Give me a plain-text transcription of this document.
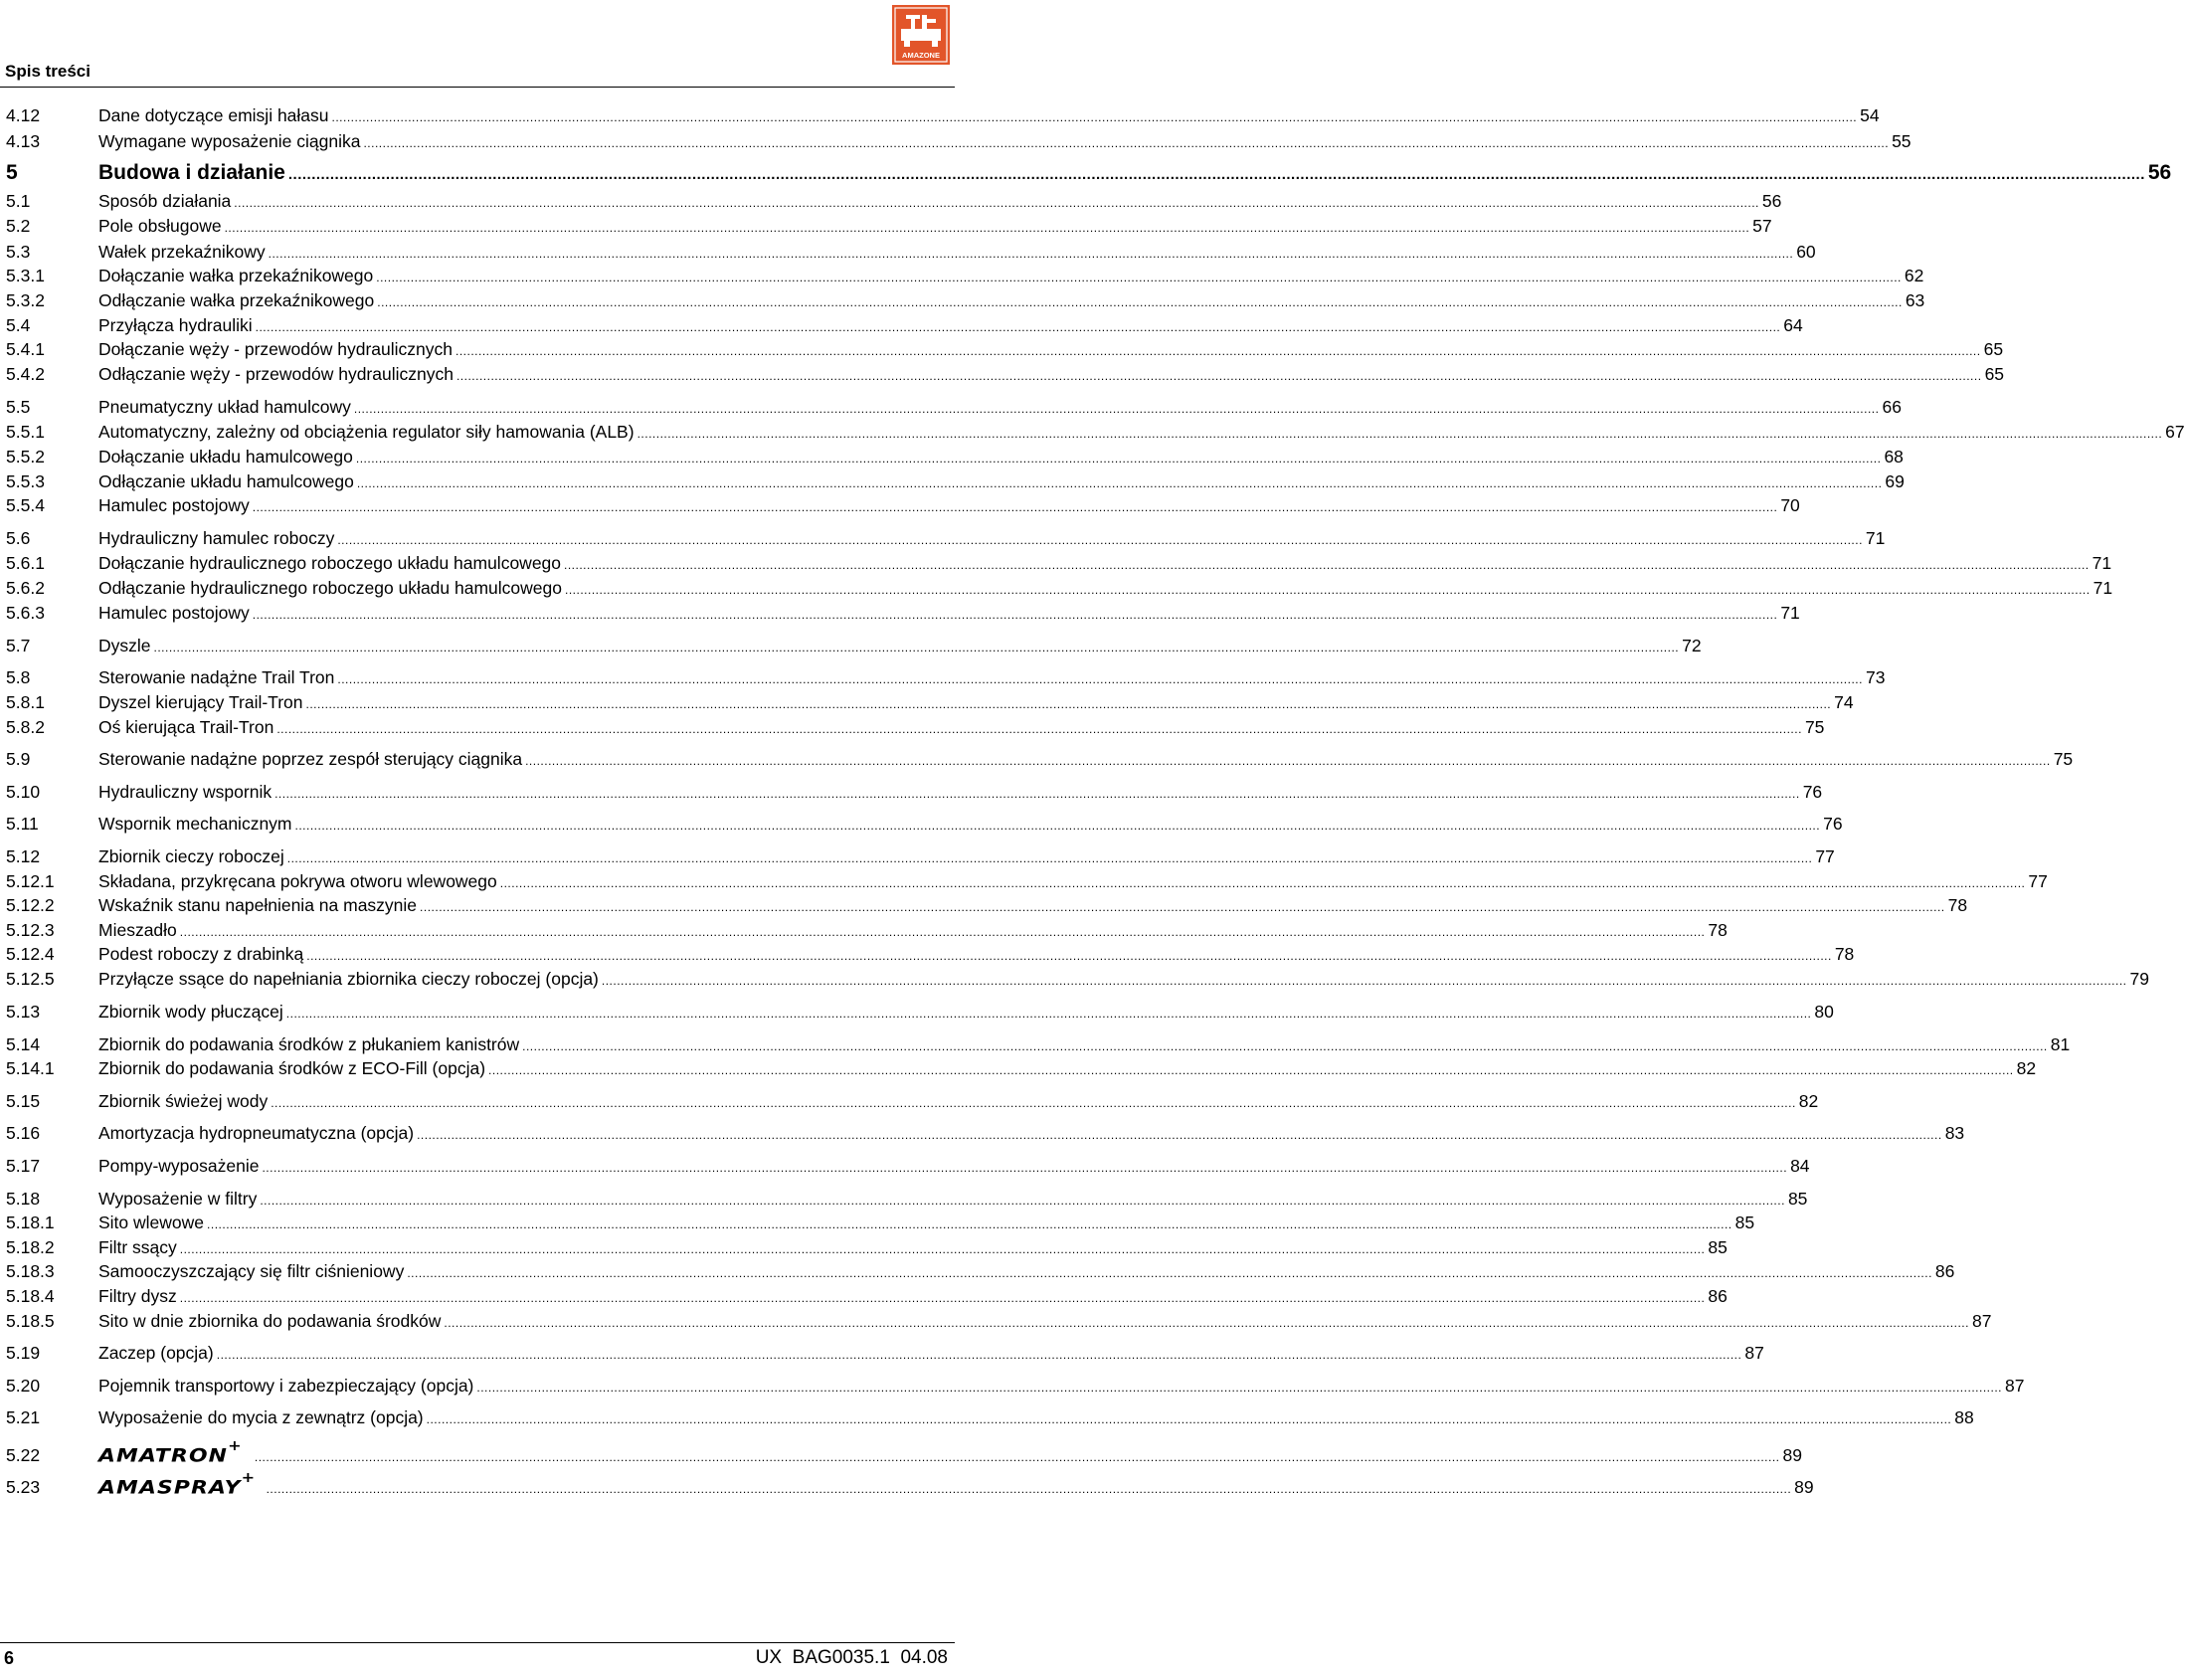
Spis treści
AMAZONE
4.12	Dane dotyczące emisji hałasu ................................................................................................................................................................................................................................................................................................................................................................................................................ 54
4.13	Wymagane wyposażenie ciągnika ................................................................................................................................................................................................................................................................................................................................................................................................................ 55
5	Budowa i działanie ................................................................................................................................................................................................................................................................................................................................................................................................................ 56
5.1	Sposób działania ................................................................................................................................................................................................................................................................................................................................................................................................................ 56
5.2	Pole obsługowe ................................................................................................................................................................................................................................................................................................................................................................................................................ 57
5.3	Wałek przekaźnikowy ................................................................................................................................................................................................................................................................................................................................................................................................................ 60
5.3.1	Dołączanie wałka przekaźnikowego ................................................................................................................................................................................................................................................................................................................................................................................................................ 62
5.3.2	Odłączanie wałka przekaźnikowego ................................................................................................................................................................................................................................................................................................................................................................................................................ 63
5.4	Przyłącza hydrauliki ................................................................................................................................................................................................................................................................................................................................................................................................................ 64
5.4.1	Dołączanie węży - przewodów hydraulicznych ................................................................................................................................................................................................................................................................................................................................................................................................................ 65
5.4.2	Odłączanie węży - przewodów hydraulicznych ................................................................................................................................................................................................................................................................................................................................................................................................................ 65
5.5	Pneumatyczny układ hamulcowy ................................................................................................................................................................................................................................................................................................................................................................................................................ 66
5.5.1	Automatyczny, zależny od obciążenia regulator siły hamowania (ALB) ................................................................................................................................................................................................................................................................................................................................................................................................................ 67
5.5.2	Dołączanie układu hamulcowego ................................................................................................................................................................................................................................................................................................................................................................................................................ 68
5.5.3	Odłączanie układu hamulcowego ................................................................................................................................................................................................................................................................................................................................................................................................................ 69
5.5.4	Hamulec postojowy ................................................................................................................................................................................................................................................................................................................................................................................................................ 70
5.6	Hydrauliczny hamulec roboczy ................................................................................................................................................................................................................................................................................................................................................................................................................ 71
5.6.1	Dołączanie hydraulicznego roboczego układu hamulcowego ................................................................................................................................................................................................................................................................................................................................................................................................................ 71
5.6.2	Odłączanie hydraulicznego roboczego układu hamulcowego ................................................................................................................................................................................................................................................................................................................................................................................................................ 71
5.6.3	Hamulec postojowy ................................................................................................................................................................................................................................................................................................................................................................................................................ 71
5.7	Dyszle ................................................................................................................................................................................................................................................................................................................................................................................................................ 72
5.8	Sterowanie nadążne Trail Tron ................................................................................................................................................................................................................................................................................................................................................................................................................ 73
5.8.1	Dyszel kierujący Trail-Tron ................................................................................................................................................................................................................................................................................................................................................................................................................ 74
5.8.2	Oś kierująca Trail-Tron ................................................................................................................................................................................................................................................................................................................................................................................................................ 75
5.9	Sterowanie nadążne poprzez zespół sterujący ciągnika ................................................................................................................................................................................................................................................................................................................................................................................................................ 75
5.10	Hydrauliczny wspornik ................................................................................................................................................................................................................................................................................................................................................................................................................ 76
5.11	Wspornik mechanicznym ................................................................................................................................................................................................................................................................................................................................................................................................................ 76
5.12	Zbiornik cieczy roboczej ................................................................................................................................................................................................................................................................................................................................................................................................................ 77
5.12.1	Składana, przykręcana pokrywa otworu wlewowego ................................................................................................................................................................................................................................................................................................................................................................................................................ 77
5.12.2	Wskaźnik stanu napełnienia na maszynie ................................................................................................................................................................................................................................................................................................................................................................................................................ 78
5.12.3	Mieszadło ................................................................................................................................................................................................................................................................................................................................................................................................................ 78
5.12.4	Podest roboczy z drabinką ................................................................................................................................................................................................................................................................................................................................................................................................................ 78
5.12.5	Przyłącze ssące do napełniania zbiornika cieczy roboczej (opcja) ................................................................................................................................................................................................................................................................................................................................................................................................................ 79
5.13	Zbiornik wody płuczącej ................................................................................................................................................................................................................................................................................................................................................................................................................ 80
5.14	Zbiornik do podawania środków z płukaniem kanistrów ................................................................................................................................................................................................................................................................................................................................................................................................................ 81
5.14.1	Zbiornik do podawania środków z ECO-Fill (opcja) ................................................................................................................................................................................................................................................................................................................................................................................................................ 82
5.15	Zbiornik świeżej wody ................................................................................................................................................................................................................................................................................................................................................................................................................ 82
5.16	Amortyzacja hydropneumatyczna (opcja) ................................................................................................................................................................................................................................................................................................................................................................................................................ 83
5.17	Pompy-wyposażenie ................................................................................................................................................................................................................................................................................................................................................................................................................ 84
5.18	Wyposażenie w filtry ................................................................................................................................................................................................................................................................................................................................................................................................................ 85
5.18.1	Sito wlewowe ................................................................................................................................................................................................................................................................................................................................................................................................................ 85
5.18.2	Filtr ssący ................................................................................................................................................................................................................................................................................................................................................................................................................ 85
5.18.3	Samooczyszczający się filtr ciśnieniowy ................................................................................................................................................................................................................................................................................................................................................................................................................ 86
5.18.4	Filtry dysz ................................................................................................................................................................................................................................................................................................................................................................................................................ 86
5.18.5	Sito w dnie zbiornika do podawania środków ................................................................................................................................................................................................................................................................................................................................................................................................................ 87
5.19	Zaczep (opcja) ................................................................................................................................................................................................................................................................................................................................................................................................................ 87
5.20	Pojemnik transportowy i zabezpieczający (opcja) ................................................................................................................................................................................................................................................................................................................................................................................................................ 87
5.21	Wyposażenie do mycia z zewnątrz (opcja) ................................................................................................................................................................................................................................................................................................................................................................................................................ 88
5.22	AMATRON+
................................................................................................................................................................................................................................................................................................................................................................................................................ 89
5.23	AMASPRAY+
................................................................................................................................................................................................................................................................................................................................................................................................................ 89
6	UX  BAG0035.1  04.08
